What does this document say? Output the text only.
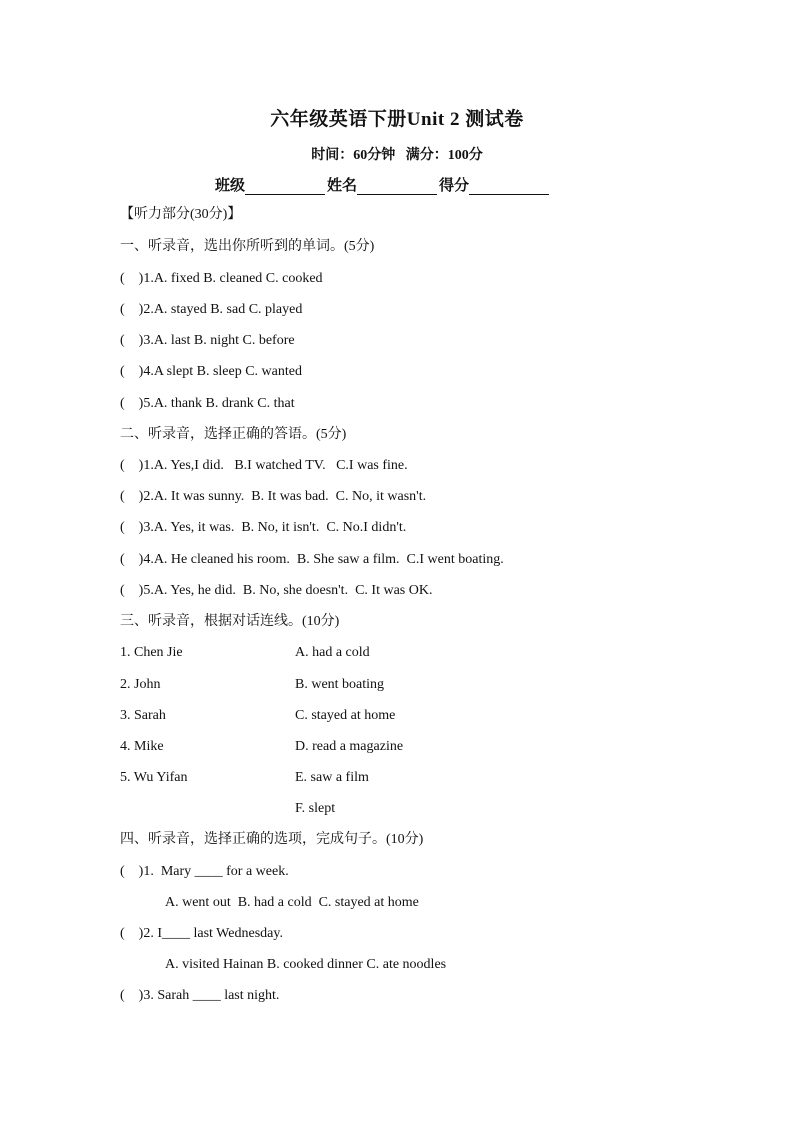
六年级英语下册Unit 2 测试卷
时间：60分钟   满分：100分
班级	姓名	得分
【听力部分(30分)】
一、听录音，选出你所听到的单词。(5分)
(    )1.A. fixed B. cleaned C. cooked
(    )2.A. stayed B. sad C. played
(    )3.A. last B. night C. before
(    )4.A slept B. sleep C. wanted
(    )5.A. thank B. drank C. that
二、听录音，选择正确的答语。(5分)
(    )1.A. Yes,I did.   B.I watched TV.   C.I was fine.
(    )2.A. It was sunny.  B. It was bad.  C. No, it wasn't.
(    )3.A. Yes, it was.  B. No, it isn't.  C. No.I didn't.
(    )4.A. He cleaned his room.  B. She saw a film.  C.I went boating.
(    )5.A. Yes, he did.  B. No, she doesn't.  C. It was OK.
三、听录音，根据对话连线。(10分)
1. Chen Jie
2. John
3. Sarah
4. Mike
5. Wu Yifan
A. had a cold
B. went boating
C. stayed at home
D. read a magazine
E. saw a film
F. slept
四、听录音，选择正确的选项，完成句子。(10分)
(    )1.  Mary ____ for a week.
A. went out  B. had a cold  C. stayed at home
(    )2. I____ last Wednesday.
A. visited Hainan B. cooked dinner C. ate noodles
(    )3. Sarah ____ last night.
